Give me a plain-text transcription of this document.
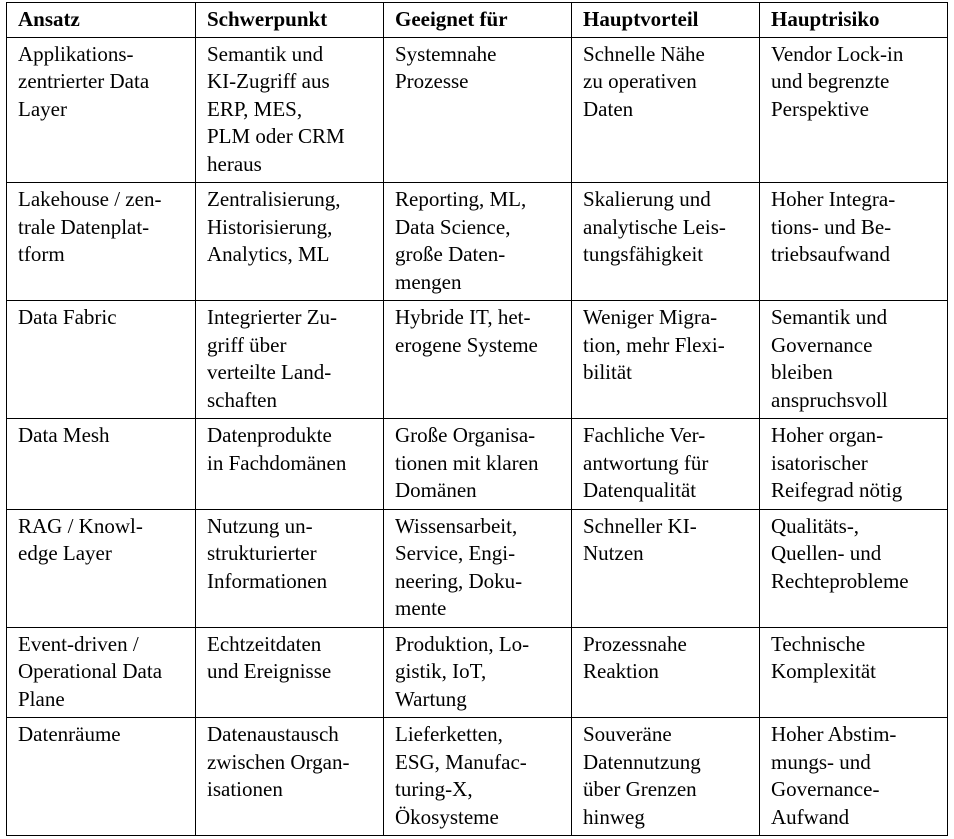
Ansatz	Schwerpunkt	Geeignet für	Hauptvorteil	Hauptrisiko

Applikations-
zentrierter Data
Layer	Semantik und
KI-Zugriff aus
ERP, MES,
PLM oder CRM
heraus	Systemnahe
Prozesse	Schnelle Nähe
zu operativen
Daten	Vendor Lock-in
und begrenzte
Perspektive

Lakehouse / zen-
trale Datenplat-
tform	Zentralisierung,
Historisierung,
Analytics, ML	Reporting, ML,
Data Science,
große Daten-
mengen	Skalierung und
analytische Leis-
tungsfähigkeit	Hoher Integra-
tions- und Be-
triebsaufwand

Data Fabric	Integrierter Zu-
griff über
verteilte Land-
schaften	Hybride IT, het-
erogene Systeme	Weniger Migra-
tion, mehr Flexi-
bilität	Semantik und
Governance
bleiben
anspruchsvoll

Data Mesh	Datenprodukte
in Fachdomänen	Große Organisa-
tionen mit klaren
Domänen	Fachliche Ver-
antwortung für
Datenqualität	Hoher organ-
isatorischer
Reifegrad nötig

RAG / Knowl-
edge Layer	Nutzung un-
strukturierter
Informationen	Wissensarbeit,
Service, Engi-
neering, Doku-
mente	Schneller KI-
Nutzen	Qualitäts-,
Quellen- und
Rechteprobleme

Event-driven /
Operational Data
Plane	Echtzeitdaten
und Ereignisse	Produktion, Lo-
gistik, IoT,
Wartung	Prozessnahe
Reaktion	Technische
Komplexität

Datenräume	Datenaustausch
zwischen Organ-
isationen	Lieferketten,
ESG, Manufac-
turing-X,
Ökosysteme	Souveräne
Datennutzung
über Grenzen
hinweg	Hoher Abstim-
mungs- und
Governance-
Aufwand
